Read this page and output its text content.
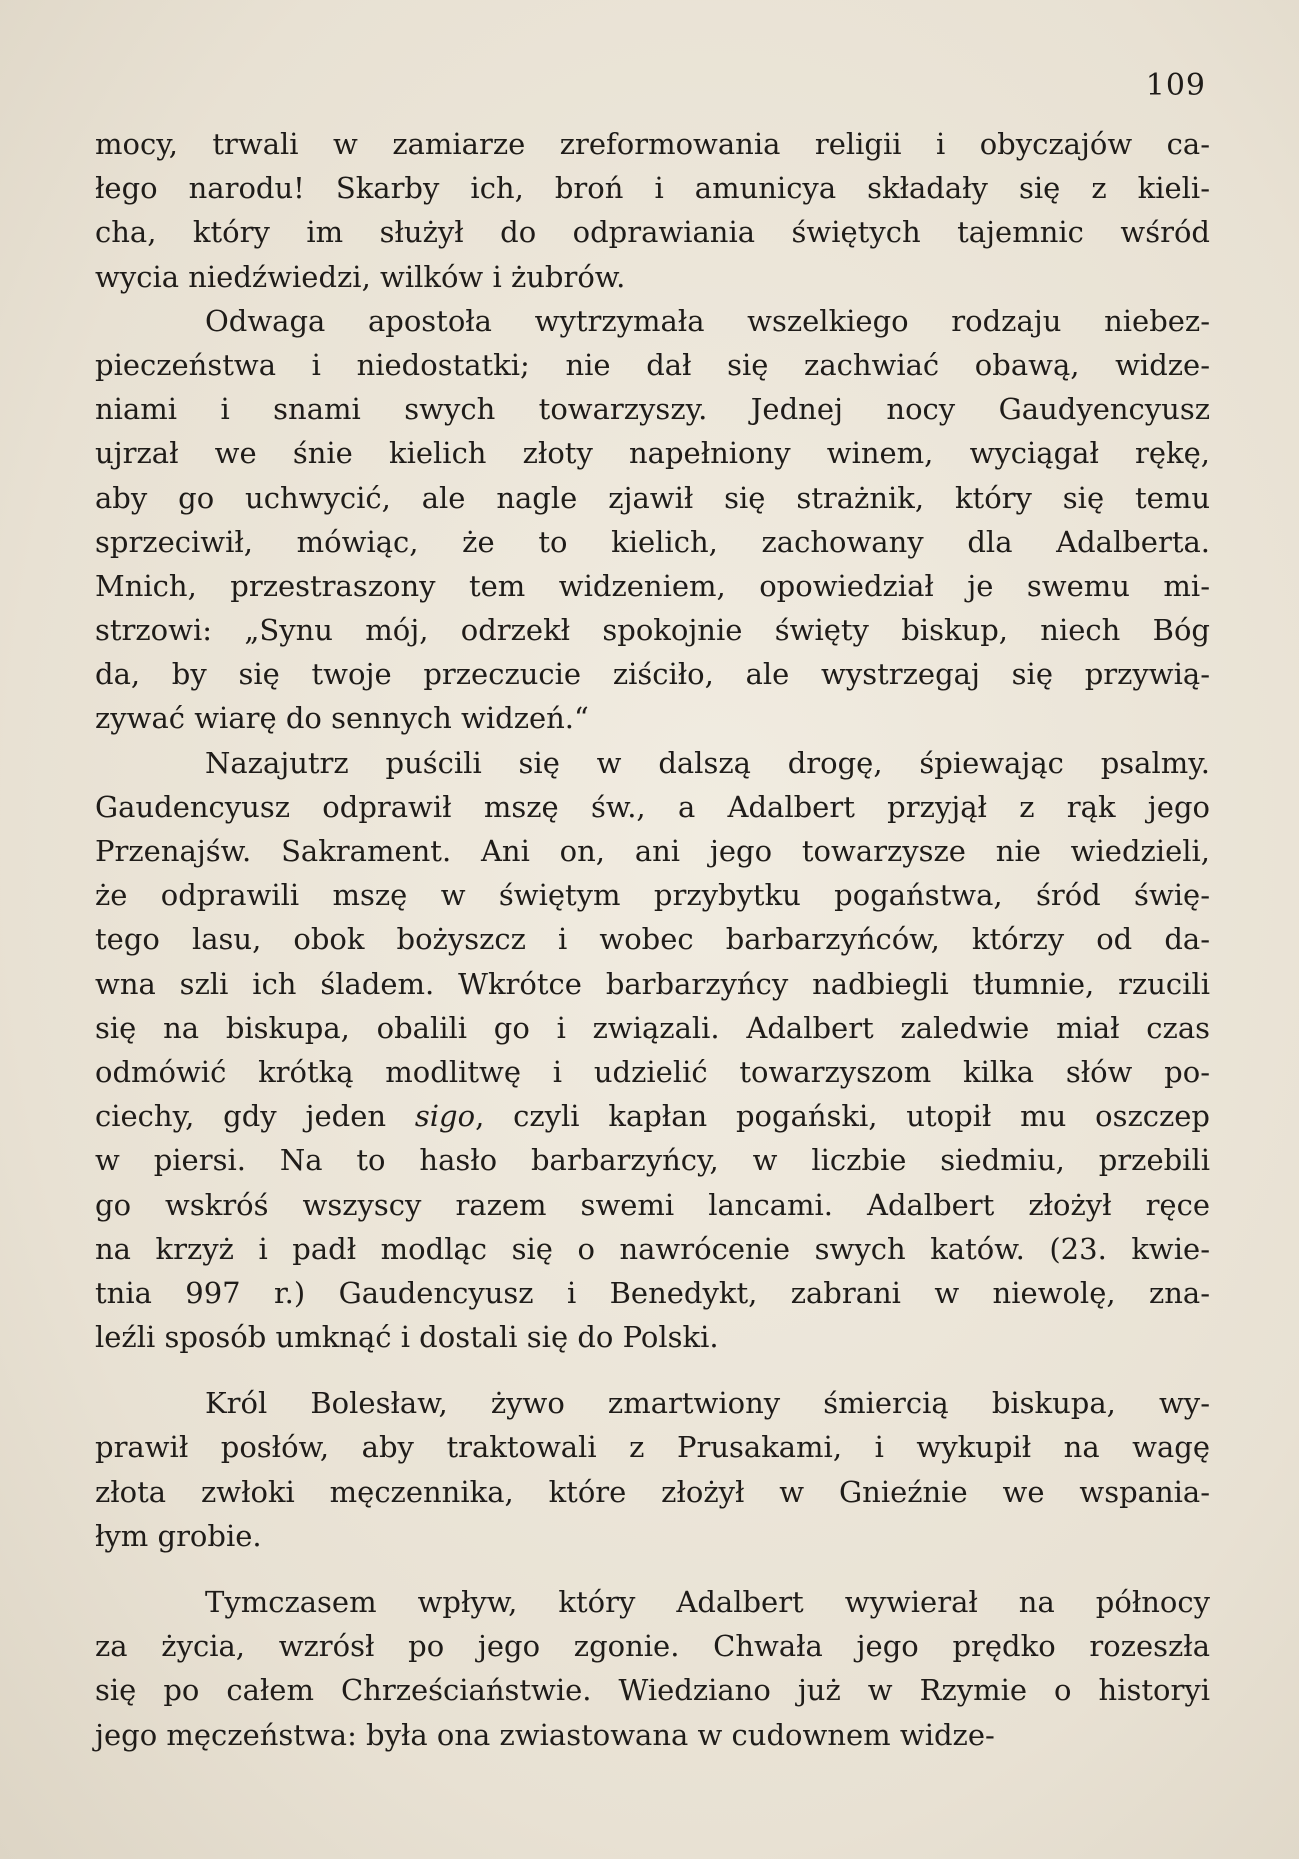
109
mocy, trwali w zamiarze zreformowania religii i obyczajów ca-
łego narodu! Skarby ich, broń i amunicya składały się z kieli-
cha, który im służył do odprawiania świętych tajemnic wśród
wycia niedźwiedzi, wilków i żubrów.
Odwaga apostoła wytrzymała wszelkiego rodzaju niebez-
pieczeństwa i niedostatki; nie dał się zachwiać obawą, widze-
niami i snami swych towarzyszy. Jednej nocy Gaudyencyusz
ujrzał we śnie kielich złoty napełniony winem, wyciągał rękę,
aby go uchwycić, ale nagle zjawił się strażnik, który się temu
sprzeciwił, mówiąc, że to kielich, zachowany dla Adalberta.
Mnich, przestraszony tem widzeniem, opowiedział je swemu mi-
strzowi: „Synu mój, odrzekł spokojnie święty biskup, niech Bóg
da, by się twoje przeczucie ziściło, ale wystrzegaj się przywią-
zywać wiarę do sennych widzeń.“
Nazajutrz puścili się w dalszą drogę, śpiewając psalmy.
Gaudencyusz odprawił mszę św., a Adalbert przyjął z rąk jego
Przenajśw. Sakrament. Ani on, ani jego towarzysze nie wiedzieli,
że odprawili mszę w świętym przybytku pogaństwa, śród świę-
tego lasu, obok bożyszcz i wobec barbarzyńców, którzy od da-
wna szli ich śladem. Wkrótce barbarzyńcy nadbiegli tłumnie, rzucili
się na biskupa, obalili go i związali. Adalbert zaledwie miał czas
odmówić krótką modlitwę i udzielić towarzyszom kilka słów po-
ciechy, gdy jeden sigo, czyli kapłan pogański, utopił mu oszczep
w piersi. Na to hasło barbarzyńcy, w liczbie siedmiu, przebili
go wskróś wszyscy razem swemi lancami. Adalbert złożył ręce
na krzyż i padł modląc się o nawrócenie swych katów. (23. kwie-
tnia 997 r.) Gaudencyusz i Benedykt, zabrani w niewolę, zna-
leźli sposób umknąć i dostali się do Polski.
Król Bolesław, żywo zmartwiony śmiercią biskupa, wy-
prawił posłów, aby traktowali z Prusakami, i wykupił na wagę
złota zwłoki męczennika, które złożył w Gnieźnie we wspania-
łym grobie.
Tymczasem wpływ, który Adalbert wywierał na północy
za życia, wzrósł po jego zgonie. Chwała jego prędko rozeszła
się po całem Chrześciaństwie. Wiedziano już w Rzymie o historyi
jego męczeństwa: była ona zwiastowana w cudownem widze-
